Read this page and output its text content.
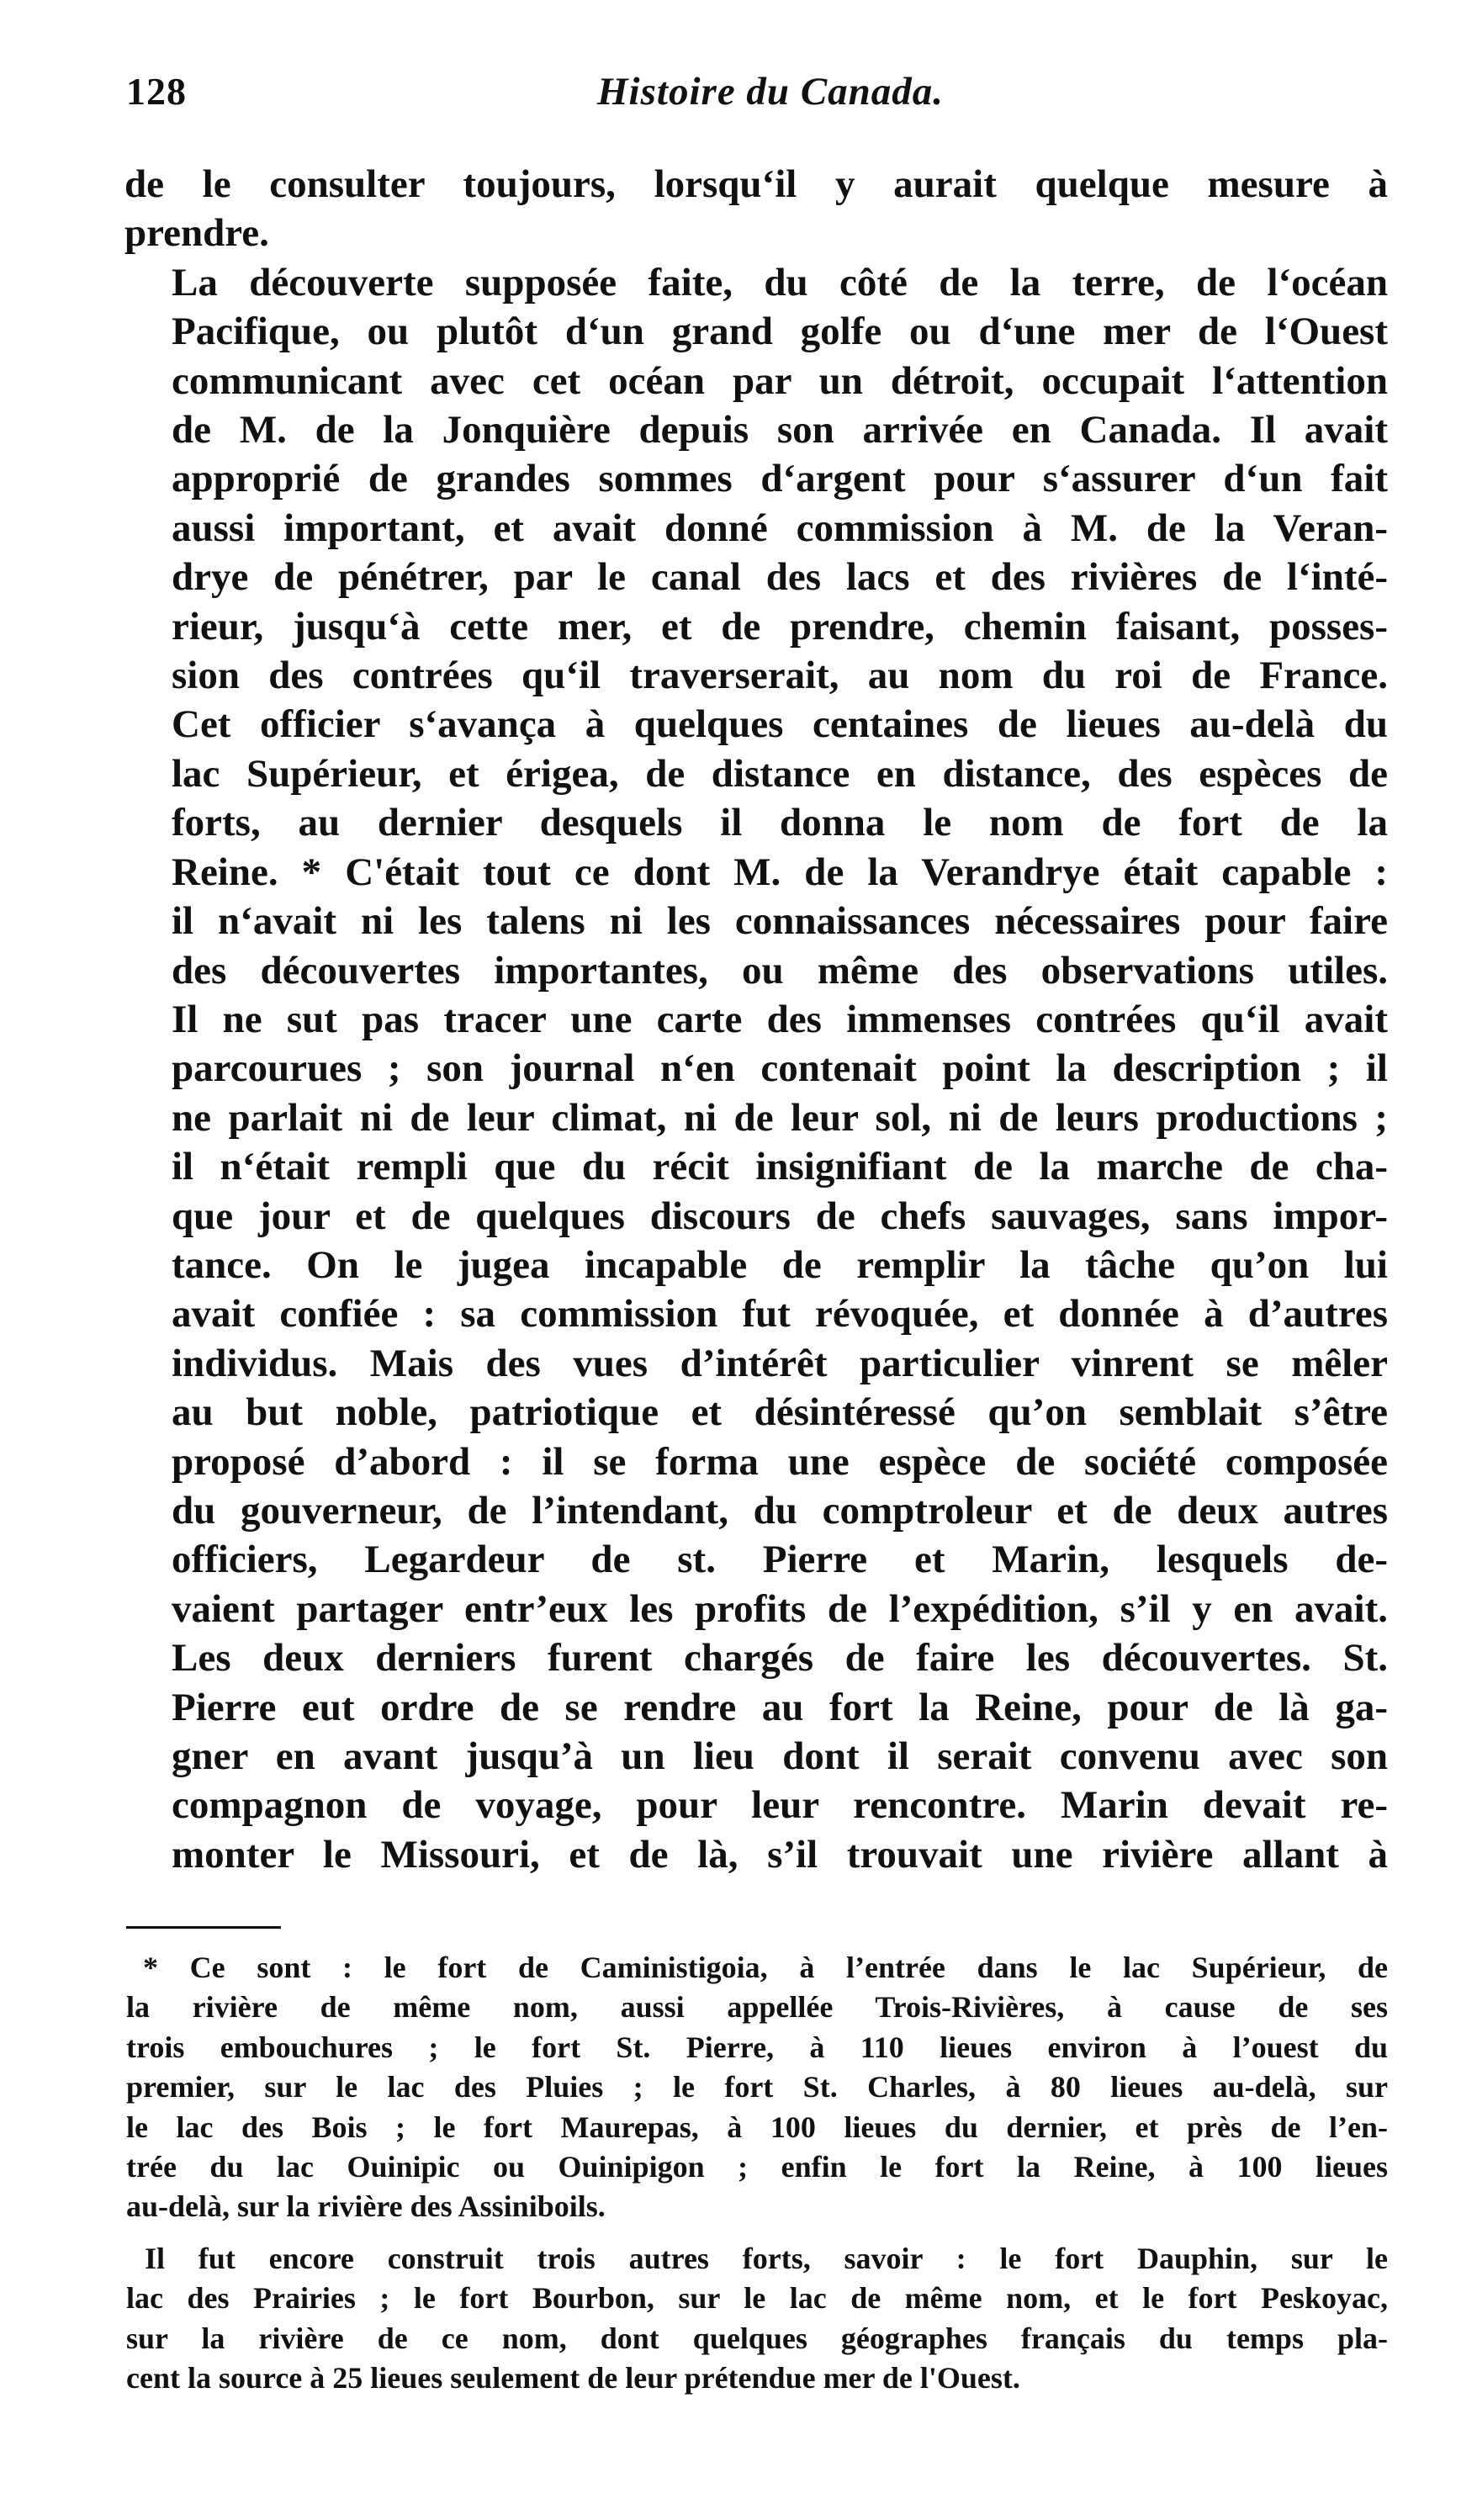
128	Histoire du Canada.

de le consulter toujours, lorsqu‘il y aurait quelque mesure à
prendre.

La découverte supposée faite, du côté de la terre, de l‘océan
Pacifique, ou plutôt d‘un grand golfe ou d‘une mer de l‘Ouest
communicant avec cet océan par un détroit, occupait l‘attention
de M. de la Jonquière depuis son arrivée en Canada. Il avait
approprié de grandes sommes d‘argent pour s‘assurer d‘un fait
aussi important, et avait donné commission à M. de la Veran-
drye de pénétrer, par le canal des lacs et des rivières de l‘inté-
rieur, jusqu‘à cette mer, et de prendre, chemin faisant, posses-
sion des contrées qu‘il traverserait, au nom du roi de France.
Cet officier s‘avança à quelques centaines de lieues au-delà du
lac Supérieur, et érigea, de distance en distance, des espèces de
forts, au dernier desquels il donna le nom de fort de la
Reine. * C'était tout ce dont M. de la Verandrye était capable :
il n‘avait ni les talens ni les connaissances nécessaires pour faire
des découvertes importantes, ou même des observations utiles.
Il ne sut pas tracer une carte des immenses contrées qu‘il avait
parcourues ; son journal n‘en contenait point la description ; il
ne parlait ni de leur climat, ni de leur sol, ni de leurs productions ;
il n‘était rempli que du récit insignifiant de la marche de cha-
que jour et de quelques discours de chefs sauvages, sans impor-
tance. On le jugea incapable de remplir la tâche qu’on lui
avait confiée : sa commission fut révoquée, et donnée à d’autres
individus. Mais des vues d’intérêt particulier vinrent se mêler
au but noble, patriotique et désintéressé qu’on semblait s’être
proposé d’abord : il se forma une espèce de société composée
du gouverneur, de l’intendant, du comptroleur et de deux autres
officiers, Legardeur de st. Pierre et Marin, lesquels de-
vaient partager entr’eux les profits de l’expédition, s’il y en avait.
Les deux derniers furent chargés de faire les découvertes. St.
Pierre eut ordre de se rendre au fort la Reine, pour de là ga-
gner en avant jusqu’à un lieu dont il serait convenu avec son
compagnon de voyage, pour leur rencontre. Marin devait re-
monter le Missouri, et de là, s’il trouvait une rivière allant à

* Ce sont : le fort de Caministigoia, à l’entrée dans le lac Supérieur, de
la rivière de même nom, aussi appellée Trois-Rivières, à cause de ses
trois embouchures ; le fort St. Pierre, à 110 lieues environ à l’ouest du
premier, sur le lac des Pluies ; le fort St. Charles, à 80 lieues au-delà, sur
le lac des Bois ; le fort Maurepas, à 100 lieues du dernier, et près de l’en-
trée du lac Ouinipic ou Ouinipigon ; enfin le fort la Reine, à 100 lieues
au-delà, sur la rivière des Assiniboils.
Il fut encore construit trois autres forts, savoir : le fort Dauphin, sur le
lac des Prairies ; le fort Bourbon, sur le lac de même nom, et le fort Peskoyac,
sur la rivière de ce nom, dont quelques géographes français du temps pla-
cent la source à 25 lieues seulement de leur prétendue mer de l'Ouest.
